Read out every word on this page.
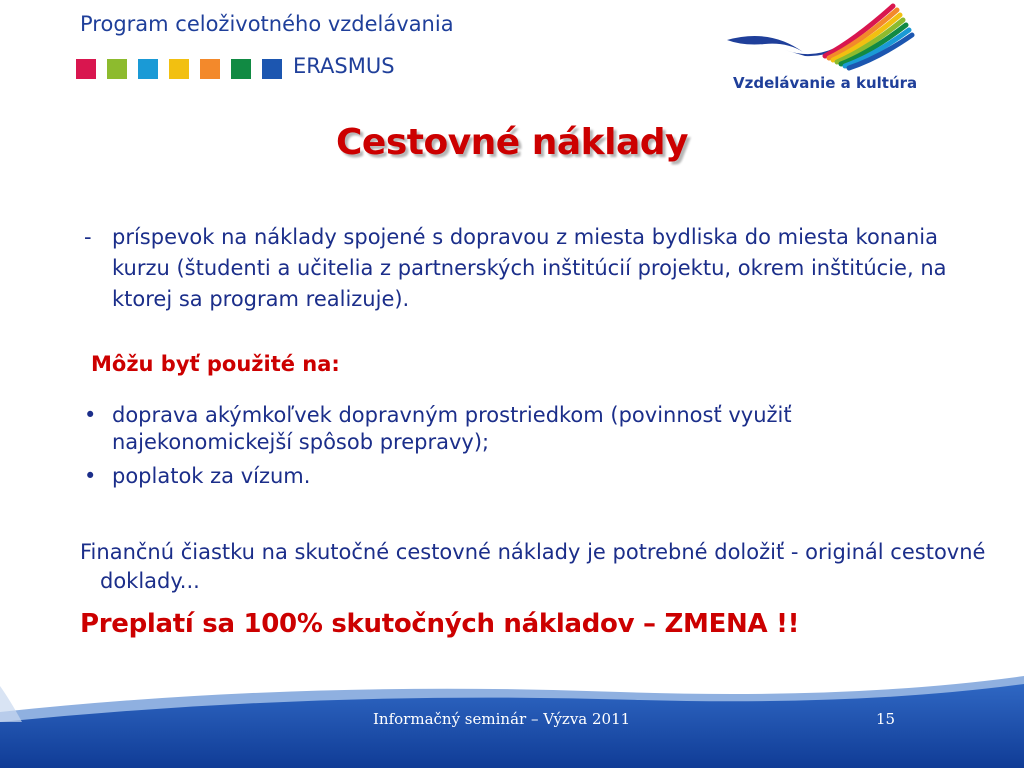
Program celoživotného vzdelávania
ERASMUS
Vzdelávanie a kultúra
Cestovné náklady
- príspevok na náklady spojené s dopravou z miesta bydliska do miesta konania kurzu (študenti a učitelia z partnerských inštitúcií projektu, okrem inštitúcie, na ktorej sa program realizuje).
Môžu byť použité na:
• doprava akýmkoľvek dopravným prostriedkom (povinnosť využiť najekonomickejší spôsob prepravy);
• poplatok za vízum.
Finančnú čiastku na skutočné cestovné náklady je potrebné doložiť - originál cestovné doklady...
Preplatí sa 100% skutočných nákladov – ZMENA !!
Informačný seminár – Výzva 2011	15
